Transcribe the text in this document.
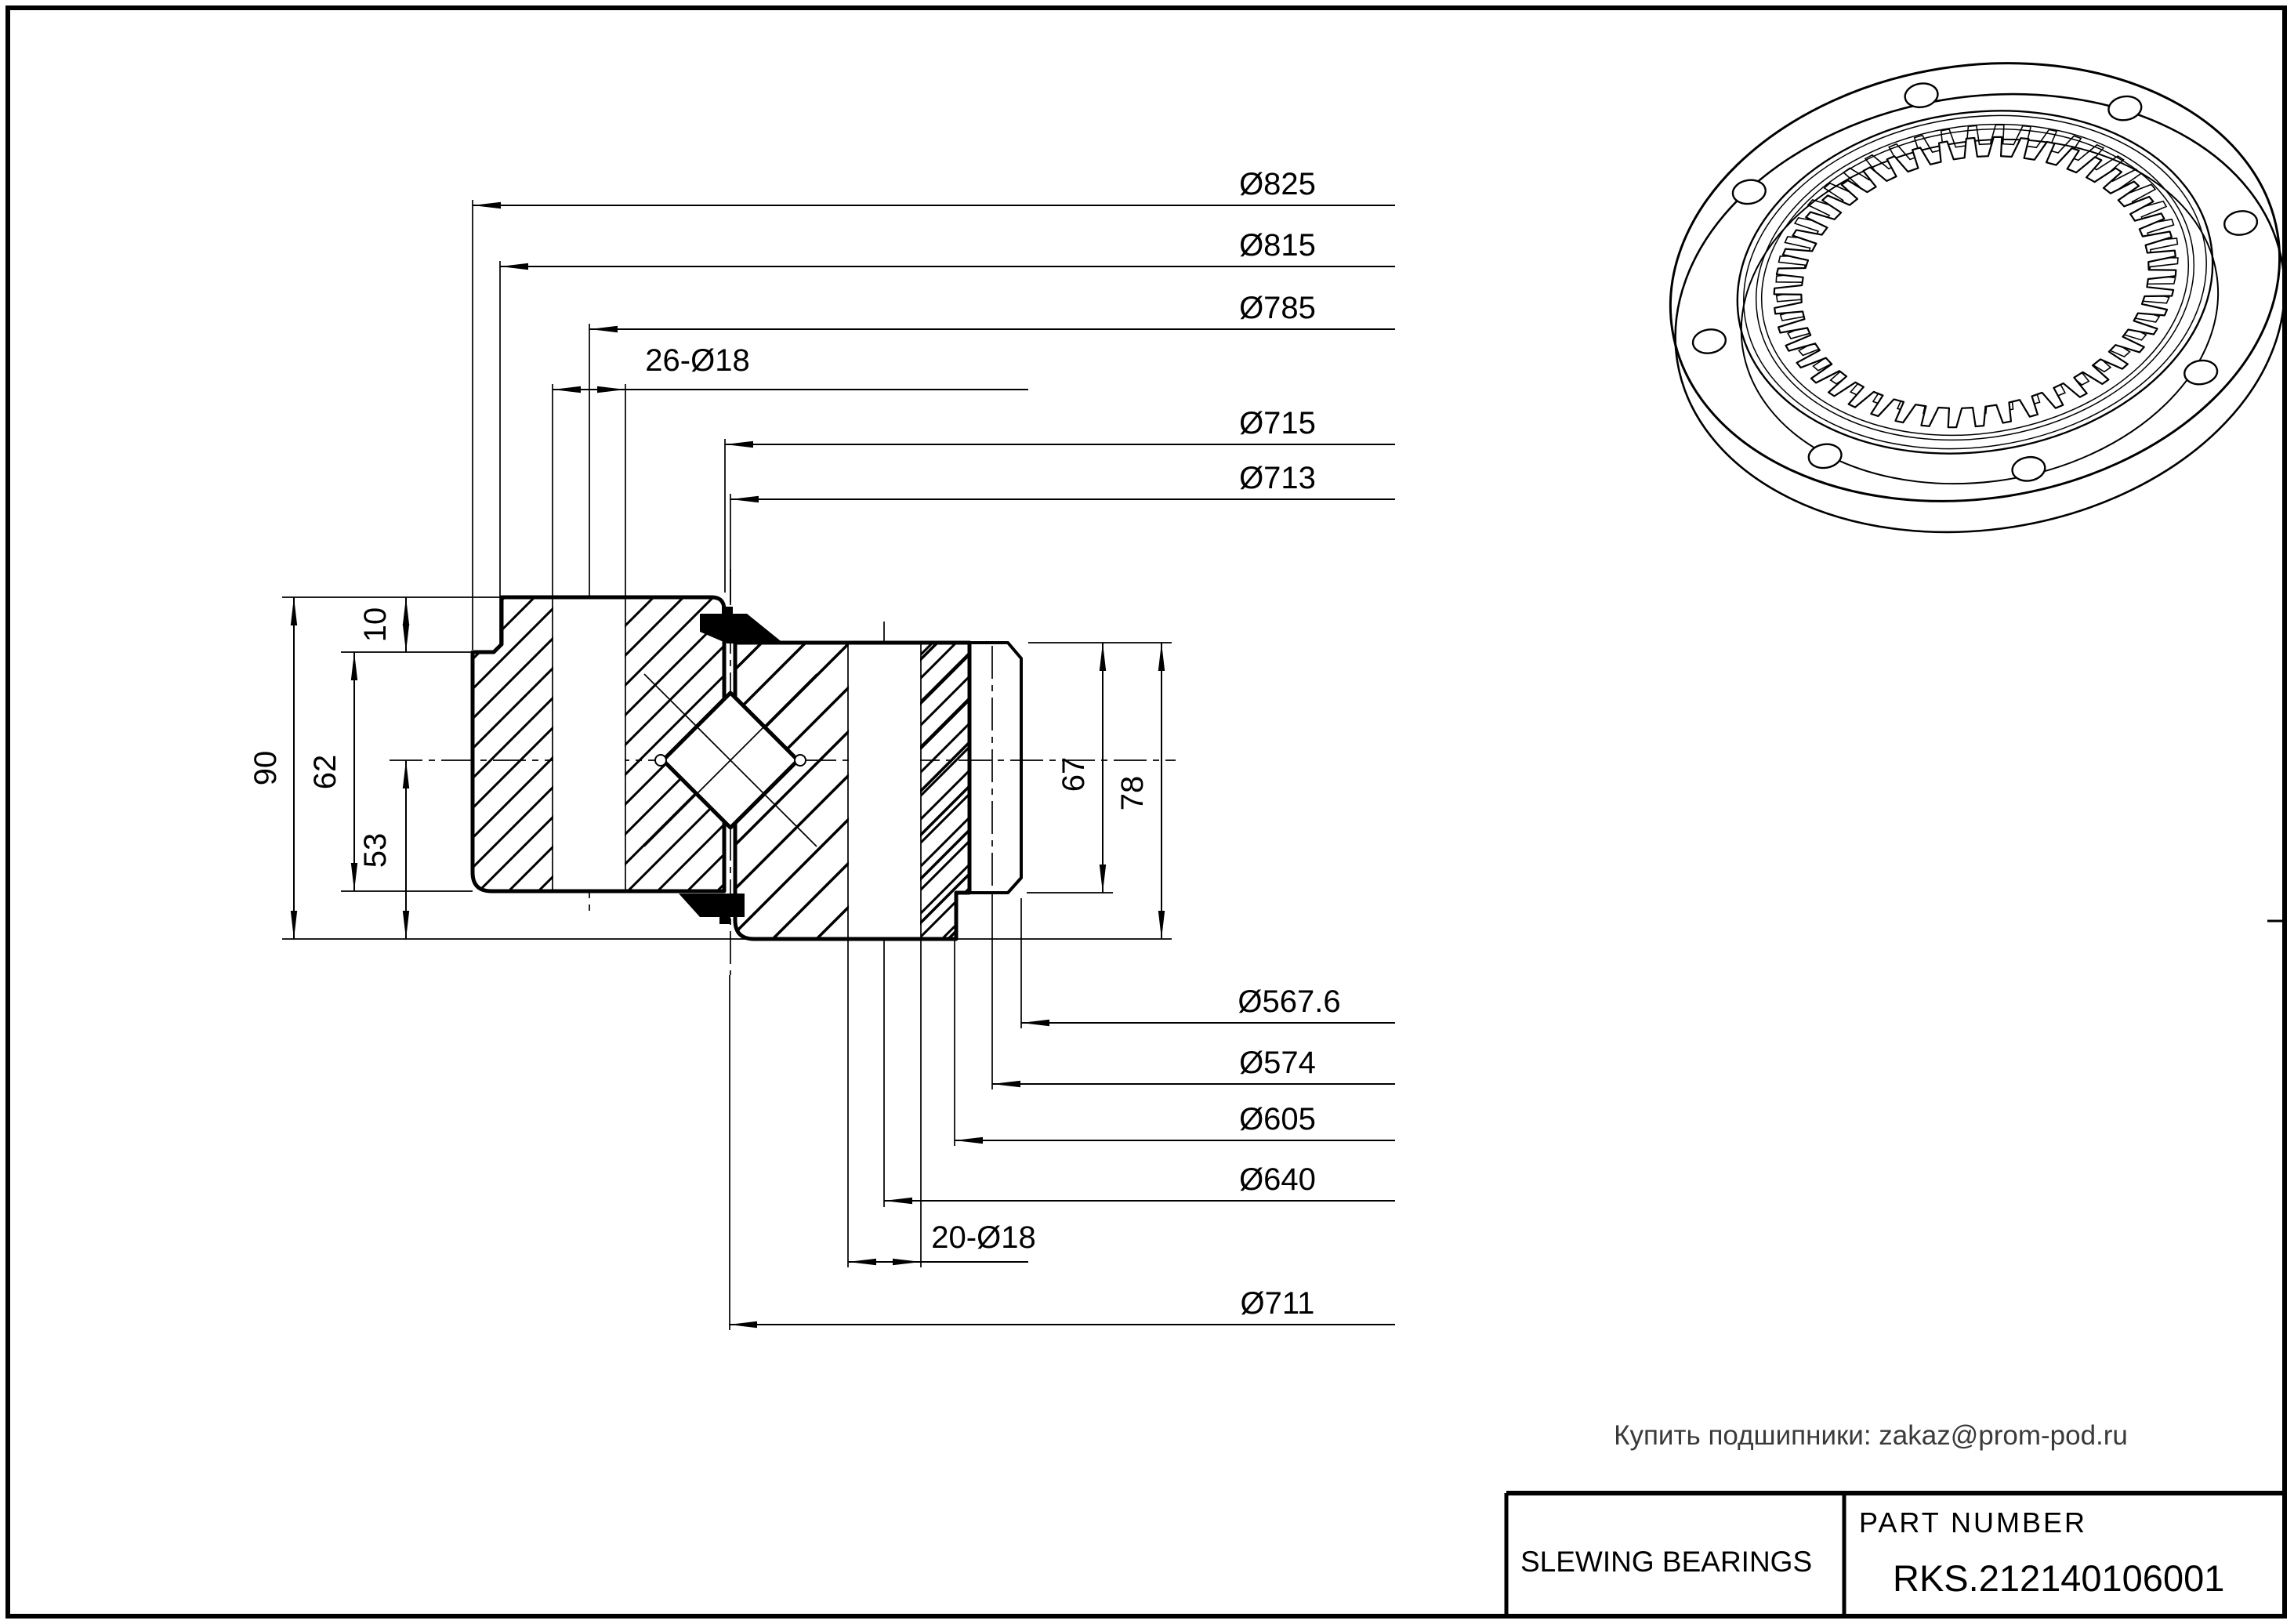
Ø825
Ø815
Ø785
26-Ø18
Ø715
Ø713
Ø567.6
Ø574
Ø605
Ø640
20-Ø18
Ø711
90
10
62
53
67
78
Купить подшипники: zakaz@prom-pod.ru
SLEWING BEARINGS
PART NUMBER
RKS.212140106001
